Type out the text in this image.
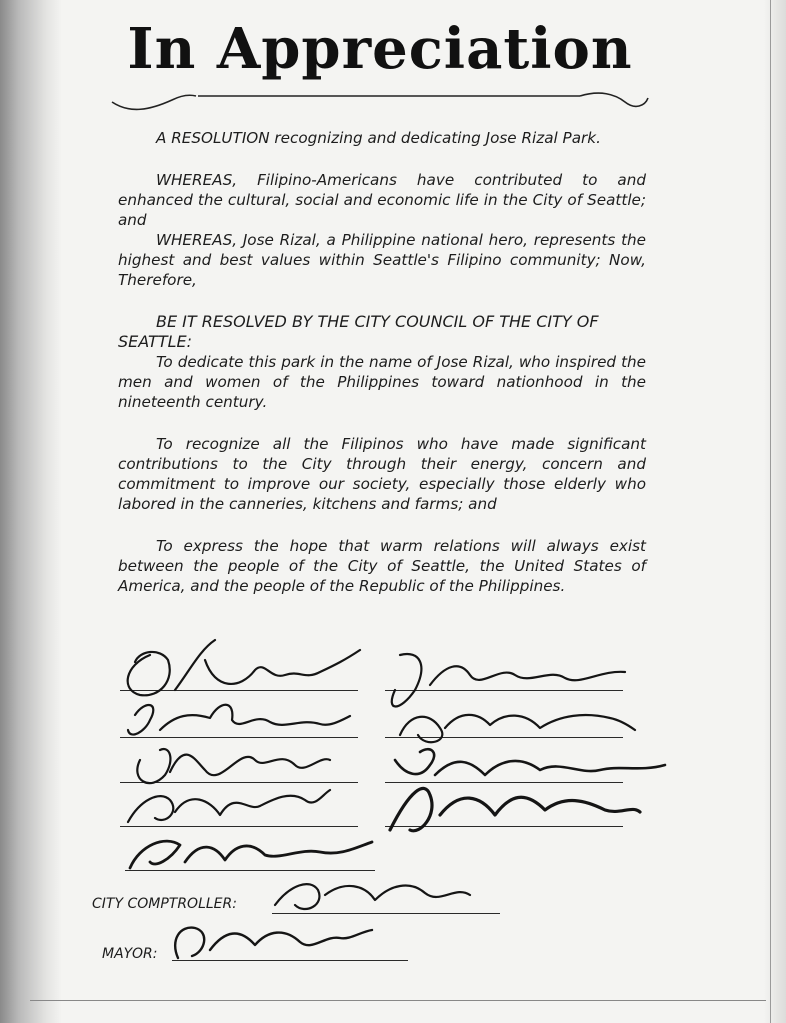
In Appreciation

A RESOLUTION recognizing and dedicating Jose Rizal Park.

WHEREAS, Filipino-Americans have contributed to and enhanced the cultural, social and economic life in the City of Seattle; and

WHEREAS, Jose Rizal, a Philippine national hero, represents the highest and best values within Seattle's Filipino community; Now, Therefore,

BE IT RESOLVED BY THE CITY COUNCIL OF THE CITY OF SEATTLE:

To dedicate this park in the name of Jose Rizal, who inspired the men and women of the Philippines toward nationhood in the nineteenth century.

To recognize all the Filipinos who have made significant contributions to the City through their energy, concern and commitment to improve our society, especially those elderly who labored in the canneries, kitchens and farms; and

To express the hope that warm relations will always exist between the people of the City of Seattle, the United States of America, and the people of the Republic of the Philippines.

CITY COMPTROLLER:
MAYOR:
